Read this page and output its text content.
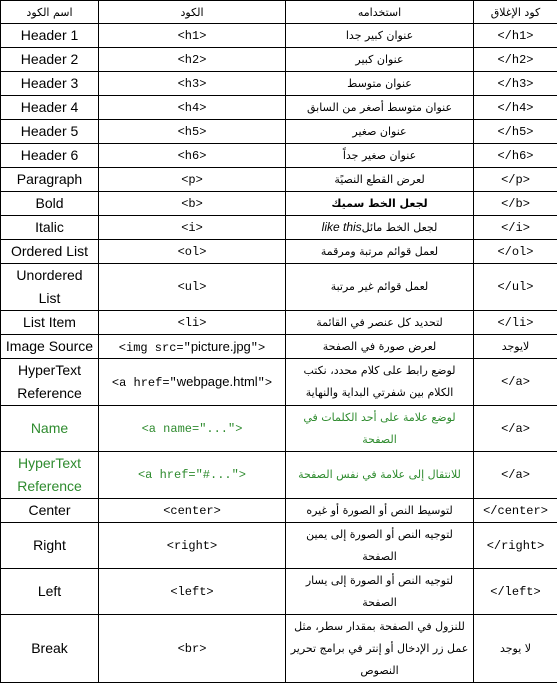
اسم الكود	الكود	استخدامه	كود الإغلاق
Header 1	<h1>	عنوان كبير جدا	</h1>
Header 2	<h2>	عنوان كبير	</h2>
Header 3	<h3>	عنوان متوسط	</h3>
Header 4	<h4>	عنوان متوسط أصغر من السابق	</h4>
Header 5	<h5>	عنوان صغير	</h5>
Header 6	<h6>	عنوان صغير جداً	</h6>
Paragraph	<p>	لعرض القطع النصيًة	</p>
Bold	<b>	لجعل الخط سميك	</b>
Italic	<i>	لجعل الخط مائلlike this	</i>
Ordered List	<ol>	لعمل قوائم مرتبة ومرقمة	</ol>
Unordered List	<ul>	لعمل قوائم غير مرتبة	</ul>
List Item	<li>	لتحديد كل عنصر في القائمة	</li>
Image Source	<img src="picture.jpg">	لعرض صورة في الصفحة	لايوجد
HyperText Reference	<a href="webpage.html">	لوضع رابط على كلام محدد، نكتب الكلام بين شفرتي البداية والنهاية	</a>
Name	<a name="...">	لوضع علامة على أحد الكلمات في الصفحة	</a>
HyperText Reference	<a href="#...">	للانتقال إلى علامة في نفس الصفحة	</a>
Center	<center>	لتوسيط النص أو الصورة أو غيره	</center>
Right	<right>	لتوجيه النص أو الصورة إلى يمين الصفحة	</right>
Left	<left>	لتوجيه النص أو الصورة إلى يسار الصفحة	</left>
Break	<br>	للنزول في الصفحة بمقدار سطر، مثل عمل زر الإدخال أو إنتر في برامج تحرير النصوص	لا يوجد
